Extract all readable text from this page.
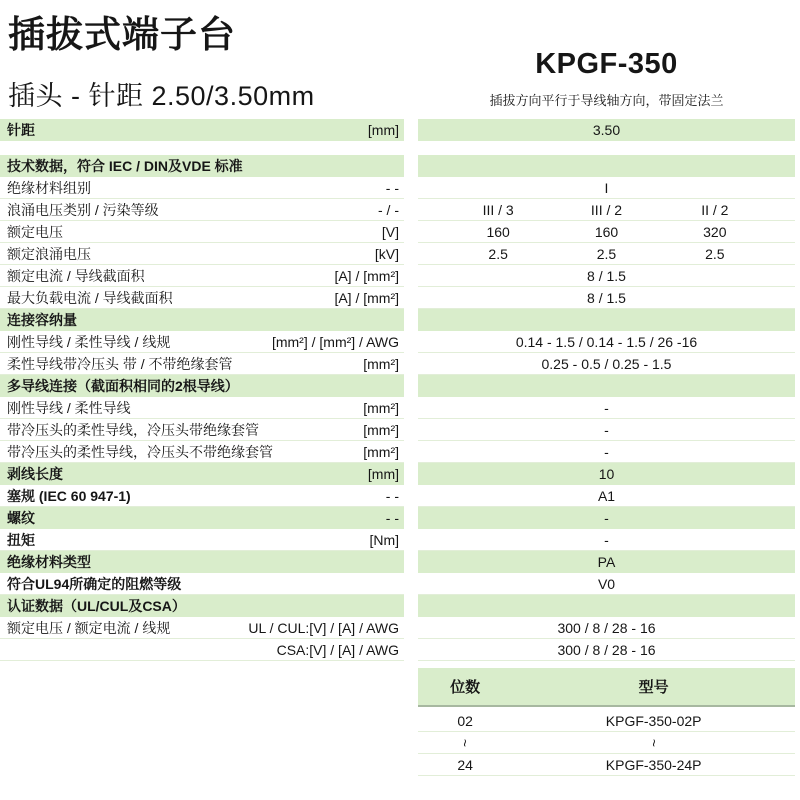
插拔式端子台
插头 - 针距 2.50/3.50mm
KPGF-350
插拔方向平行于导线轴方向，带固定法兰
针距	[mm]	3.50
技术数据，符合 IEC / DIN及VDE 标准
绝缘材料组别	- -	I
浪涌电压类别 / 污染等级	- / -	III / 3	III / 2	II / 2
额定电压	[V]	160	160	320
额定浪涌电压	[kV]	2.5	2.5	2.5
额定电流 / 导线截面积	[A] / [mm²]	8 / 1.5
最大负载电流 / 导线截面积	[A] / [mm²]	8 / 1.5
连接容纳量
刚性导线 / 柔性导线 / 线规	[mm²] / [mm²] / AWG	0.14 - 1.5 / 0.14 - 1.5 / 26 -16
柔性导线带冷压头 带 / 不带绝缘套管	[mm²]	0.25 - 0.5 / 0.25 - 1.5
多导线连接（截面积相同的2根导线）
刚性导线 / 柔性导线	[mm²]	-
带冷压头的柔性导线，冷压头带绝缘套管	[mm²]	-
带冷压头的柔性导线，冷压头不带绝缘套管	[mm²]	-
剥线长度	[mm]	10
塞规 (IEC 60 947-1)	- -	A1
螺纹	- -	-
扭矩	[Nm]	-
绝缘材料类型	PA
符合UL94所确定的阻燃等级	V0
认证数据（UL/CUL及CSA）
额定电压 / 额定电流 / 线规	UL / CUL:[V] / [A] / AWG	300 / 8 / 28 - 16
CSA:[V] / [A] / AWG	300 / 8 / 28 - 16
位数	型号
02	KPGF-350-02P
~	~
24	KPGF-350-24P
